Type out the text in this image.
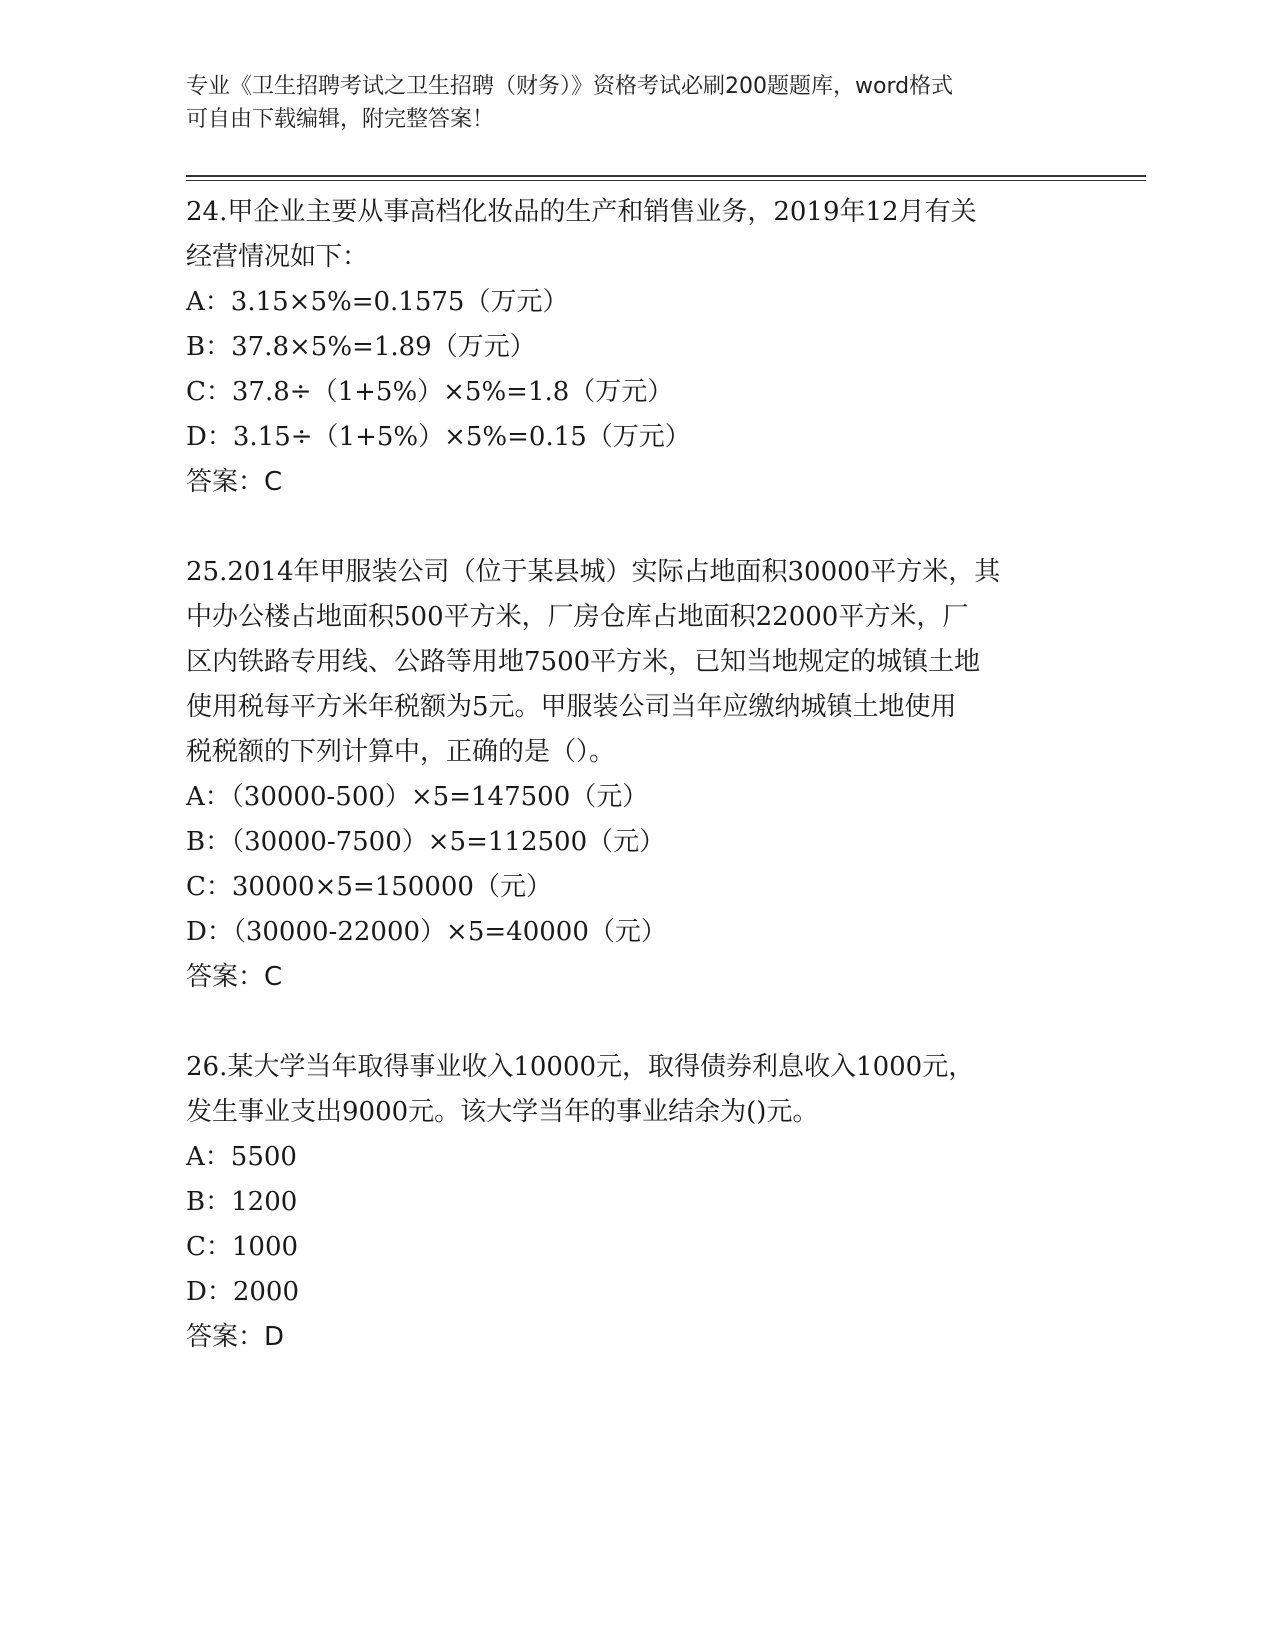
专业《卫生招聘考试之卫生招聘（财务）》资格考试必刷200题题库，word格式
可自由下载编辑，附完整答案！
24.甲企业主要从事高档化妆品的生产和销售业务，2019年12月有关
经营情况如下：
A：3.15×5%=0.1575（万元）
B：37.8×5%=1.89（万元）
C：37.8÷（1+5%）×5%=1.8（万元）
D：3.15÷（1+5%）×5%=0.15（万元）
答案：C
25.2014年甲服装公司（位于某县城）实际占地面积30000平方米，其
中办公楼占地面积500平方米，厂房仓库占地面积22000平方米，厂
区内铁路专用线、公路等用地7500平方米，已知当地规定的城镇土地
使用税每平方米年税额为5元。甲服装公司当年应缴纳城镇土地使用
税税额的下列计算中，正确的是（）。
A：（30000-500）×5=147500（元）
B：（30000-7500）×5=112500（元）
C：30000×5=150000（元）
D：（30000-22000）×5=40000（元）
答案：C
26.某大学当年取得事业收入10000元，取得债券利息收入1000元，
发生事业支出9000元。该大学当年的事业结余为()元。
A：5500
B：1200
C：1000
D：2000
答案：D
